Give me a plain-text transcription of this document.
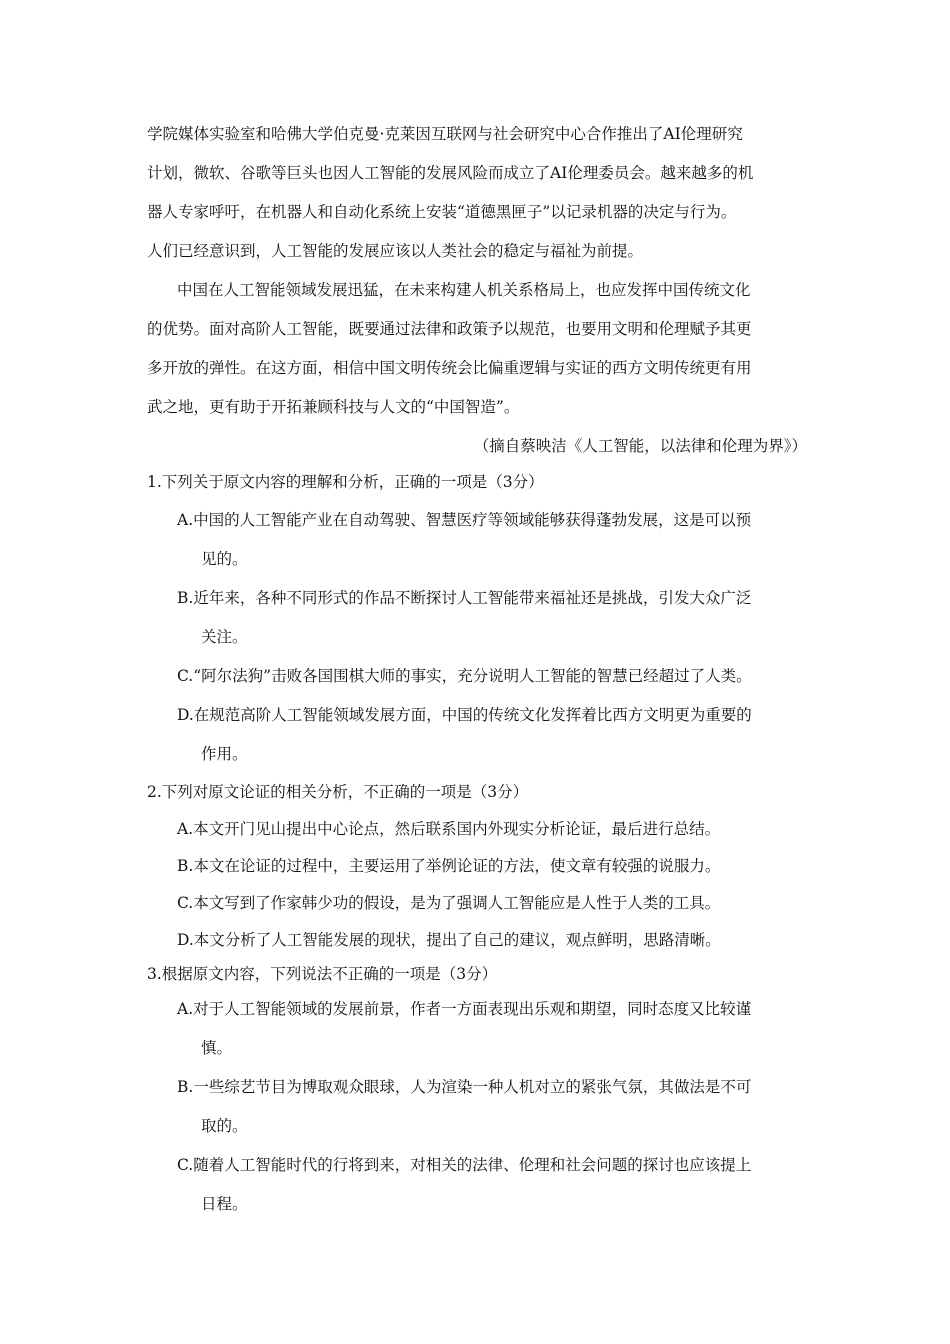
学院媒体实验室和哈佛大学伯克曼·克莱因互联网与社会研究中心合作推出了AI伦理研究
计划，微软、谷歌等巨头也因人工智能的发展风险而成立了AI伦理委员会。越来越多的机
器人专家呼吁，在机器人和自动化系统上安装“道德黑匣子”以记录机器的决定与行为。
人们已经意识到，人工智能的发展应该以人类社会的稳定与福祉为前提。
中国在人工智能领域发展迅猛，在未来构建人机关系格局上，也应发挥中国传统文化
的优势。面对高阶人工智能，既要通过法律和政策予以规范，也要用文明和伦理赋予其更
多开放的弹性。在这方面，相信中国文明传统会比偏重逻辑与实证的西方文明传统更有用
武之地，更有助于开拓兼顾科技与人文的“中国智造”。
（摘自蔡映洁《人工智能，以法律和伦理为界》）
1.下列关于原文内容的理解和分析，正确的一项是（3分）
A.中国的人工智能产业在自动驾驶、智慧医疗等领域能够获得蓬勃发展，这是可以预
见的。
B.近年来，各种不同形式的作品不断探讨人工智能带来福祉还是挑战，引发大众广泛
关注。
C.“阿尔法狗”击败各国围棋大师的事实，充分说明人工智能的智慧已经超过了人类。
D.在规范高阶人工智能领域发展方面，中国的传统文化发挥着比西方文明更为重要的
作用。
2.下列对原文论证的相关分析，不正确的一项是（3分）
A.本文开门见山提出中心论点，然后联系国内外现实分析论证，最后进行总结。
B.本文在论证的过程中，主要运用了举例论证的方法，使文章有较强的说服力。
C.本文写到了作家韩少功的假设，是为了强调人工智能应是人性于人类的工具。
D.本文分析了人工智能发展的现状，提出了自己的建议，观点鲜明，思路清晰。
3.根据原文内容，下列说法不正确的一项是（3分）
A.对于人工智能领域的发展前景，作者一方面表现出乐观和期望，同时态度又比较谨
慎。
B.一些综艺节目为博取观众眼球，人为渲染一种人机对立的紧张气氛，其做法是不可
取的。
C.随着人工智能时代的行将到来，对相关的法律、伦理和社会问题的探讨也应该提上
日程。
